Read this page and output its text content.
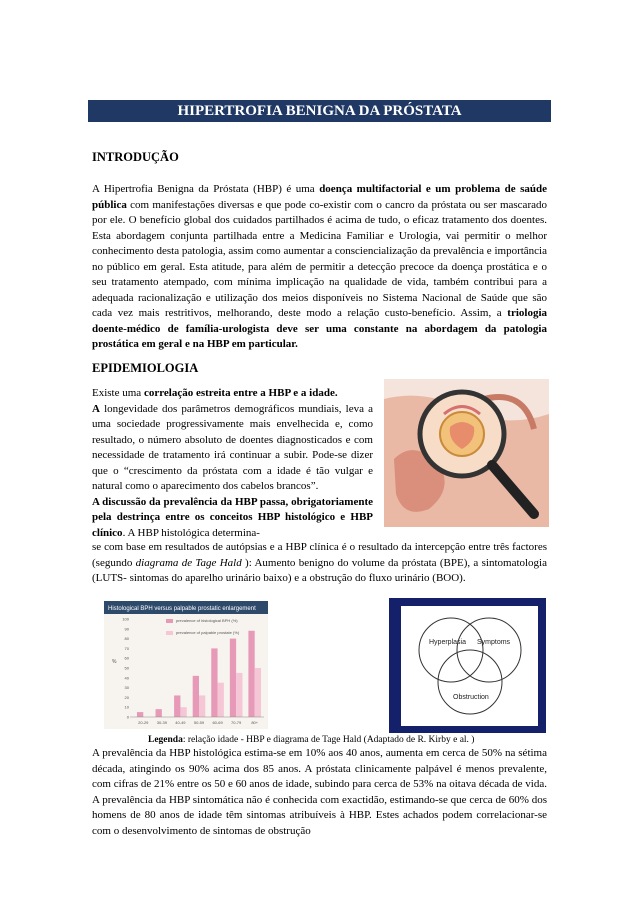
HIPERTROFIA BENIGNA DA PRÓSTATA
INTRODUÇÃO
A Hipertrofia Benigna da Próstata (HBP) é uma doença multifactorial e um problema de saúde pública com manifestações diversas e que pode co-existir com o cancro da próstata ou ser mascarado por ele. O benefício global dos cuidados partilhados é acima de tudo, o eficaz tratamento dos doentes. Esta abordagem conjunta partilhada entre a Medicina Familiar e Urologia, vai permitir o melhor conhecimento desta patologia, assim como aumentar a consciencialização da prevalência e importância no público em geral. Esta atitude, para além de permitir a detecção precoce da doença prostática e o seu tratamento atempado, com mínima implicação na qualidade de vida, também contribui para a adequada racionalização e utilização dos meios disponíveis no Sistema Nacional de Saúde que são cada vez mais restritivos, melhorando, deste modo a relação custo-benefício. Assim, a triologia doente-médico de família-urologista deve ser uma constante na abordagem da patologia prostática em geral e na HBP em particular.
EPIDEMIOLOGIA
Existe uma correlação estreita entre a HBP e a idade.
A longevidade dos parâmetros demográficos mundiais, leva a uma sociedade progressivamente mais envelhecida e, como resultado, o número absoluto de doentes diagnosticados e com necessidade de tratamento irá continuar a subir. Pode-se dizer que o “crescimento da próstata com a idade é tão vulgar e natural como o aparecimento dos cabelos brancos”.
A discussão da prevalência da HBP passa, obrigatoriamente pela destrinça entre os conceitos HBP histológico e HBP clínico. A HBP histológica determina-
se com base em resultados de autópsias e a HBP clínica é o resultado da intercepção entre três factores (segundo diagrama de Tage Hald ): Aumento benigno do volume da próstata (BPE), a sintomatologia (LUTS- sintomas do aparelho urinário baixo) e a obstrução do fluxo urinário (BOO).
Histological BPH versus palpable prostatic enlargement
prevalence of histological BPH (%)
prevalence of palpable prostate (%)
%
0
10
20
30
40
50
60
70
80
90
100
20-29 30-39 40-49 50-59 60-69 70-79	80+
Hyperplasia Symptoms
Obstruction
Legenda: relação idade - HBP e diagrama de Tage Hald (Adaptado de R. Kirby e al. )
A prevalência da HBP histológica estima-se em 10% aos 40 anos, aumenta em cerca de 50% na sétima década, atingindo os 90% acima dos 85 anos. A próstata clinicamente palpável é menos prevalente, com cifras de 21% entre os 50 e 60 anos de idade, subindo para cerca de 53% na oitava década de vida. A prevalência da HBP sintomática não é conhecida com exactidão, estimando-se que cerca de 60% dos homens de 80 anos de idade têm sintomas atribuíveis à HBP. Estes achados podem correlacionar-se com o desenvolvimento de sintomas de obstrução
